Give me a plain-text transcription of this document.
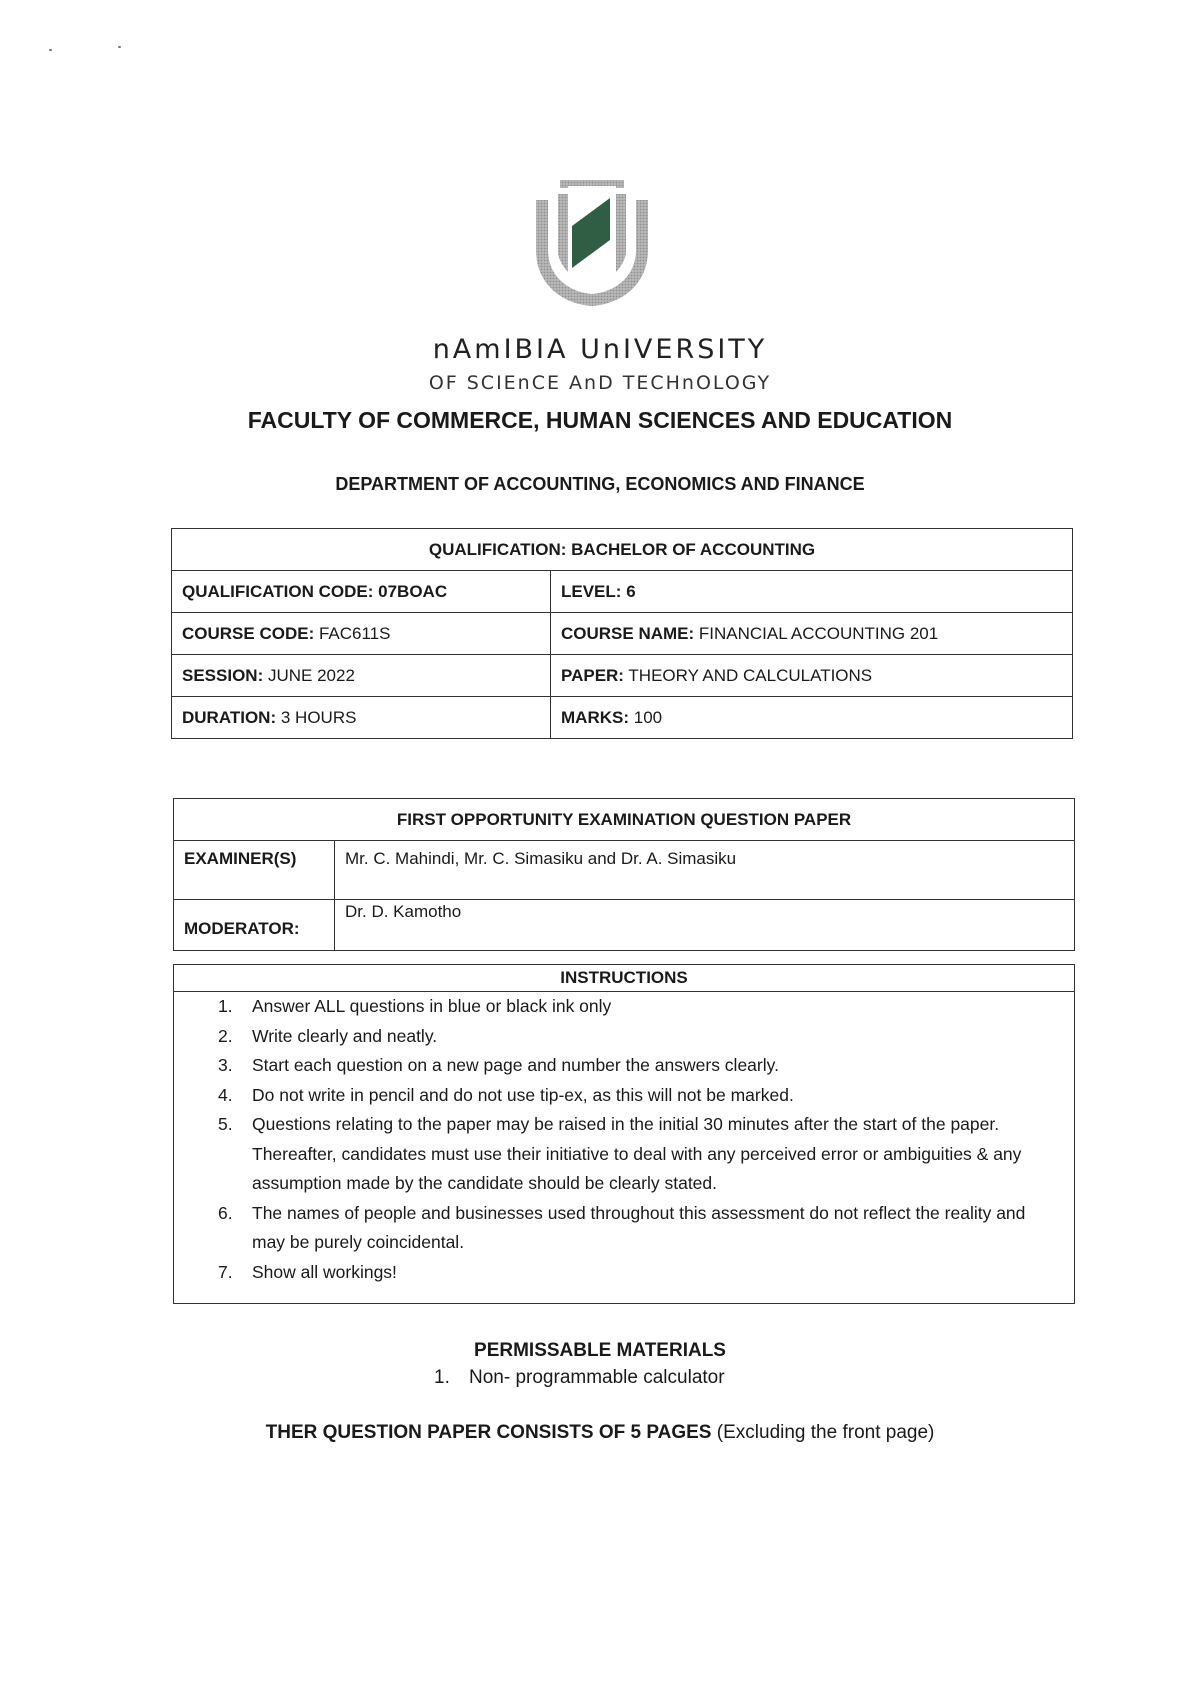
nAmIBIA UnIVERSITY
OF SCIEnCE AnD TECHnOLOGY
FACULTY OF COMMERCE, HUMAN SCIENCES AND EDUCATION
DEPARTMENT OF ACCOUNTING, ECONOMICS AND FINANCE
QUALIFICATION: BACHELOR OF ACCOUNTING	
QUALIFICATION CODE: 07BOAC	LEVEL: 6
COURSE CODE: FAC611S	COURSE NAME: FINANCIAL ACCOUNTING 201
SESSION: JUNE 2022	PAPER: THEORY AND CALCULATIONS
DURATION: 3 HOURS	MARKS: 100
FIRST OPPORTUNITY EXAMINATION QUESTION PAPER	
EXAMINER(S)	Mr. C. Mahindi, Mr. C. Simasiku and Dr. A. Simasiku
MODERATOR:	Dr. D. Kamotho
INSTRUCTIONS
1. Answer ALL questions in blue or black ink only
2. Write clearly and neatly.
3. Start each question on a new page and number the answers clearly.
4. Do not write in pencil and do not use tip-ex, as this will not be marked.
5. Questions relating to the paper may be raised in the initial 30 minutes after the start of the paper. Thereafter, candidates must use their initiative to deal with any perceived error or ambiguities & any assumption made by the candidate should be clearly stated.
6. The names of people and businesses used throughout this assessment do not reflect the reality and may be purely coincidental.
7. Show all workings!
PERMISSABLE MATERIALS
1. Non- programmable calculator
THER QUESTION PAPER CONSISTS OF 5 PAGES (Excluding the front page)
